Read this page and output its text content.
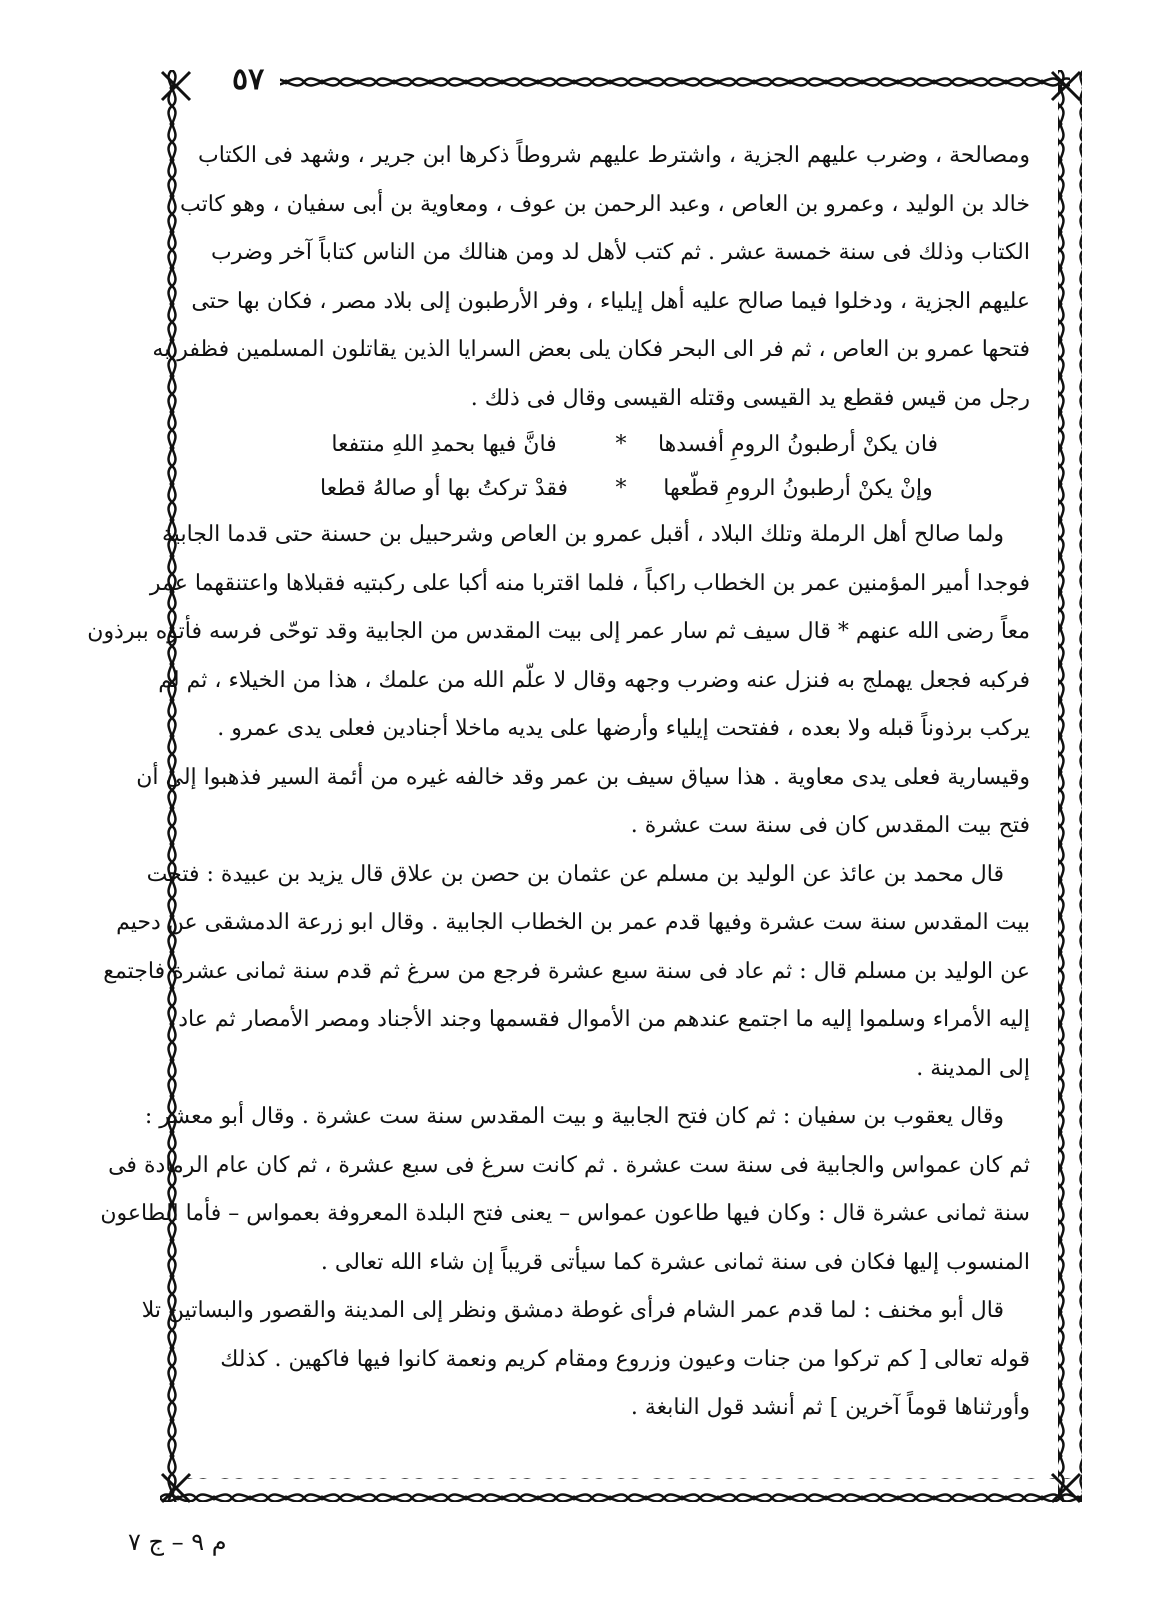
٥٧
ومصالحة ، وضرب عليهم الجزية ، واشترط عليهم شروطاً ذكرها ابن جرير ، وشهد فى الكتاب
خالد بن الوليد ، وعمرو بن العاص ، وعبد الرحمن بن عوف ، ومعاوية بن أبى سفيان ، وهو كاتب
الكتاب وذلك فى سنة خمسة عشر . ثم كتب لأهل لد ومن هنالك من الناس كتاباً آخر وضرب
عليهم الجزية ، ودخلوا فيما صالح عليه أهل إيلياء ، وفر الأرطبون إلى بلاد مصر ، فكان بها حتى
فتحها عمرو بن العاص ، ثم فر الى البحر فكان يلى بعض السرايا الذين يقاتلون المسلمين فظفر به
رجل من قيس فقطع يد القيسى وقتله القيسى وقال فى ذلك .
فان يكنْ أرطبونُ الرومِ أفسدها
*
فانَّ فيها بحمدِ اللهِ منتفعا
وإنْ يكنْ أرطبونُ الرومِ قطّعها
*
فقدْ تركتُ بها أو صالهُ قطعا
ولما صالح أهل الرملة وتلك البلاد ، أقبل عمرو بن العاص وشرحبيل بن حسنة حتى قدما الجابية
فوجدا أمير المؤمنين عمر بن الخطاب راكباً ، فلما اقتربا منه أكبا على ركبتيه فقبلاها واعتنقهما عمر
معاً رضى الله عنهم * قال سيف ثم سار عمر إلى بيت المقدس من الجابية وقد توحّى فرسه فأتوه ببرذون
فركبه فجعل يهملج به فنزل عنه وضرب وجهه وقال لا علّم الله من علمك ، هذا من الخيلاء ، ثم لم
يركب برذوناً قبله ولا بعده ، ففتحت إيلياء وأرضها على يديه ماخلا أجنادين فعلى يدى عمرو .
وقيسارية فعلى يدى معاوية . هذا سياق سيف بن عمر وقد خالفه غيره من أئمة السير فذهبوا إلى أن
فتح بيت المقدس كان فى سنة ست عشرة .
قال محمد بن عائذ عن الوليد بن مسلم عن عثمان بن حصن بن علاق قال يزيد بن عبيدة : فتحت
بيت المقدس سنة ست عشرة وفيها قدم عمر بن الخطاب الجابية . وقال ابو زرعة الدمشقى عن دحيم
عن الوليد بن مسلم قال : ثم عاد فى سنة سبع عشرة فرجع من سرغ ثم قدم سنة ثمانى عشرة فاجتمع
إليه الأمراء وسلموا إليه ما اجتمع عندهم من الأموال فقسمها وجند الأجناد ومصر الأمصار ثم عاد
إلى المدينة .
وقال يعقوب بن سفيان : ثم كان فتح الجابية و بيت المقدس سنة ست عشرة . وقال أبو معشر :
ثم كان عمواس والجابية فى سنة ست عشرة . ثم كانت سرغ فى سبع عشرة ، ثم كان عام الرمادة فى
سنة ثمانى عشرة قال : وكان فيها طاعون عمواس – يعنى فتح البلدة المعروفة بعمواس – فأما الطاعون
المنسوب إليها فكان فى سنة ثمانى عشرة كما سيأتى قريباً إن شاء الله تعالى .
قال أبو مخنف : لما قدم عمر الشام فرأى غوطة دمشق ونظر إلى المدينة والقصور والبساتين تلا
قوله تعالى [ كم تركوا من جنات وعيون وزروع ومقام كريم ونعمة كانوا فيها فاكهين . كذلك
وأورثناها قوماً آخرين ] ثم أنشد قول النابغة .
م ٩ – ج ٧
